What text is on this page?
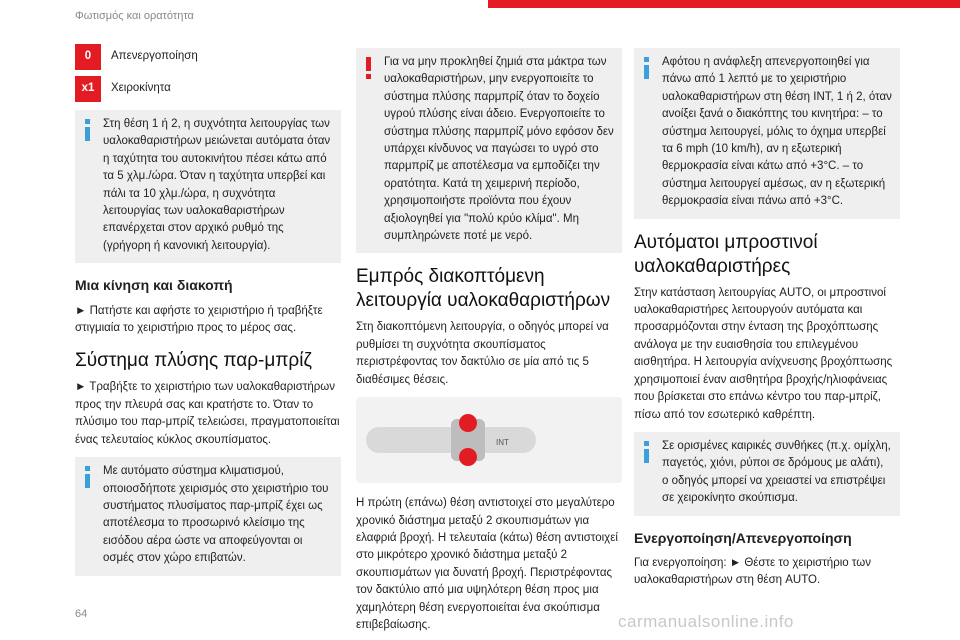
Φωτισμός και ορατότητα
0	Απενεργοποίηση
x1	Χειροκίνητα

Στη θέση 1 ή 2, η συχνότητα λειτουργίας των υαλοκαθαριστήρων μειώνεται αυτόματα όταν η ταχύτητα του αυτοκινήτου πέσει κάτω από τα 5 χλμ./ώρα. Όταν η ταχύτητα υπερβεί και πάλι τα 10 χλμ./ώρα, η συχνότητα λειτουργίας των υαλοκαθαριστήρων επανέρχεται στον αρχικό ρυθμό της (γρήγορη ή κανονική λειτουργία).

Μια κίνηση και διακοπή

► Πατήστε και αφήστε το χειριστήριο ή τραβήξτε στιγμιαία το χειριστήριο προς το μέρος σας.

Σύστημα πλύσης παρ-μπρίζ

► Τραβήξτε το χειριστήριο των υαλοκαθαριστήρων προς την πλευρά σας και κρατήστε το. Όταν το πλύσιμο του παρ-μπρίζ τελειώσει, πραγματοποιείται ένας τελευταίος κύκλος σκουπίσματος.

Με αυτόματο σύστημα κλιματισμού, οποιοσδήποτε χειρισμός στο χειριστήριο του συστήματος πλυσίματος παρ-μπρίζ έχει ως αποτέλεσμα το προσωρινό κλείσιμο της εισόδου αέρα ώστε να αποφεύγονται οι οσμές στον χώρο επιβατών.

Για να μην προκληθεί ζημιά στα μάκτρα των υαλοκαθαριστήρων, μην ενεργοποιείτε το σύστημα πλύσης παρμπρίζ όταν το δοχείο υγρού πλύσης είναι άδειο. Ενεργοποιείτε το σύστημα πλύσης παρμπρίζ μόνο εφόσον δεν υπάρχει κίνδυνος να παγώσει το υγρό στο παρμπρίζ με αποτέλεσμα να εμποδίζει την ορατότητα. Κατά τη χειμερινή περίοδο, χρησιμοποιήστε προϊόντα που έχουν αξιολογηθεί για "πολύ κρύο κλίμα". Μη συμπληρώνετε ποτέ με νερό.

Εμπρός διακοπτόμενη λειτουργία υαλοκαθαριστήρων

Στη διακοπτόμενη λειτουργία, ο οδηγός μπορεί να ρυθμίσει τη συχνότητα σκουπίσματος περιστρέφοντας τον δακτύλιο σε μία από τις 5 διαθέσιμες θέσεις.

INT

Η πρώτη (επάνω) θέση αντιστοιχεί στο μεγαλύτερο χρονικό διάστημα μεταξύ 2 σκουπισμάτων για ελαφριά βροχή. Η τελευταία (κάτω) θέση αντιστοιχεί στο μικρότερο χρονικό διάστημα μεταξύ 2 σκουπισμάτων για δυνατή βροχή. Περιστρέφοντας τον δακτύλιο από μια υψηλότερη θέση προς μια χαμηλότερη θέση ενεργοποιείται ένα σκούπισμα επιβεβαίωσης.

Αφότου η ανάφλεξη απενεργοποιηθεί για πάνω από 1 λεπτό με το χειριστήριο υαλοκαθαριστήρων στη θέση INT, 1 ή 2, όταν ανοίξει ξανά ο διακόπτης του κινητήρα: – το σύστημα λειτουργεί, μόλις το όχημα υπερβεί τα 6 mph (10 km/h), αν η εξωτερική θερμοκρασία είναι κάτω από +3°C. – το σύστημα λειτουργεί αμέσως, αν η εξωτερική θερμοκρασία είναι πάνω από +3°C.

Αυτόματοι μπροστινοί υαλοκαθαριστήρες

Στην κατάσταση λειτουργίας AUTO, οι μπροστινοί υαλοκαθαριστήρες λειτουργούν αυτόματα και προσαρμόζονται στην ένταση της βροχόπτωσης ανάλογα με την ευαισθησία του επιλεγμένου αισθητήρα. Η λειτουργία ανίχνευσης βροχόπτωσης χρησιμοποιεί έναν αισθητήρα βροχής/ηλιοφάνειας που βρίσκεται στο επάνω κέντρο του παρ-μπρίζ, πίσω από τον εσωτερικό καθρέπτη.

Σε ορισμένες καιρικές συνθήκες (π.χ. ομίχλη, παγετός, χιόνι, ρύποι σε δρόμους με αλάτι), ο οδηγός μπορεί να χρειαστεί να επιστρέψει σε χειροκίνητο σκούπισμα.

Ενεργοποίηση/Απενεργοποίηση

Για ενεργοποίηση: ► Θέστε το χειριστήριο των υαλοκαθαριστήρων στη θέση AUTO.

64	carmanualsonline.info
